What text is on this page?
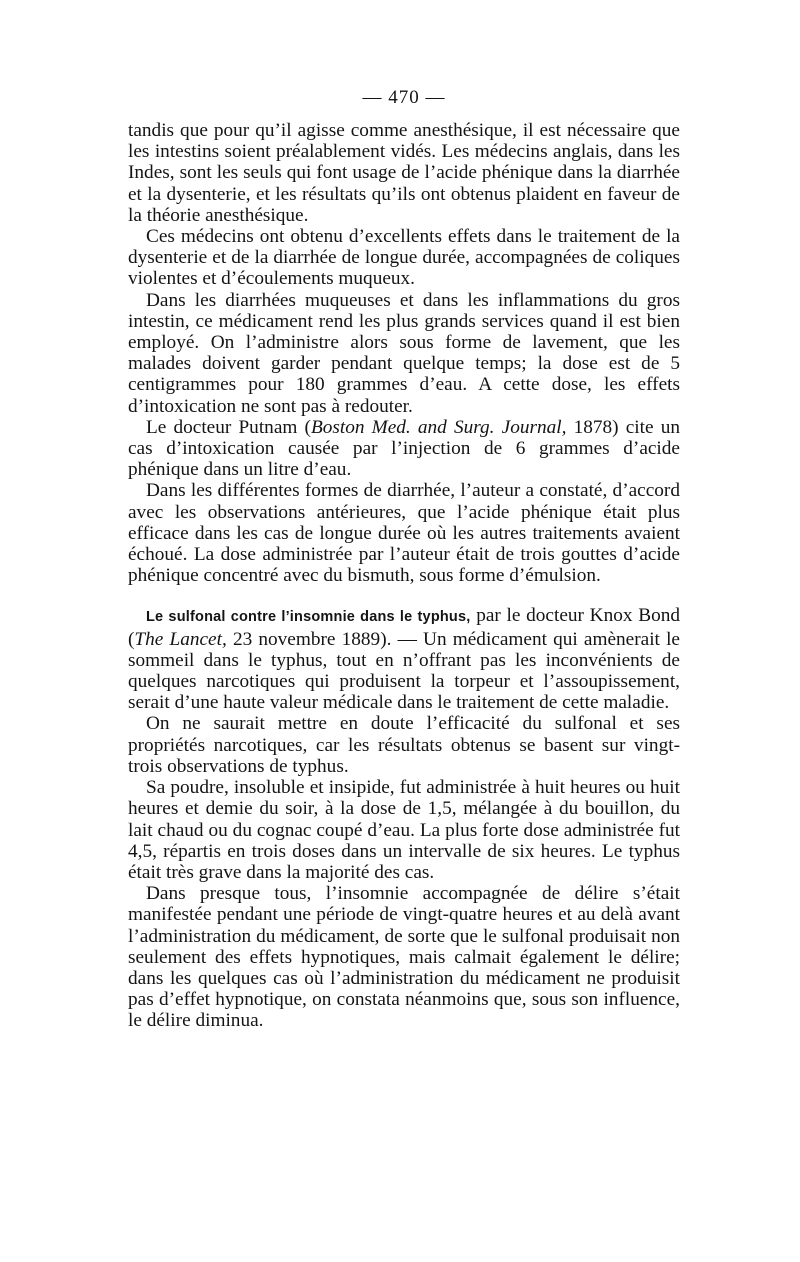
— 470 —

tandis que pour qu’il agisse comme anesthésique, il est nécessaire que les intestins soient préalablement vidés. Les médecins anglais, dans les Indes, sont les seuls qui font usage de l’acide phénique dans la diarrhée et la dysenterie, et les résultats qu’ils ont obtenus plaident en faveur de la théorie anesthésique.

Ces médecins ont obtenu d’excellents effets dans le traitement de la dysenterie et de la diarrhée de longue durée, accompagnées de coliques violentes et d’écoulements muqueux.

Dans les diarrhées muqueuses et dans les inflammations du gros intestin, ce médicament rend les plus grands services quand il est bien employé. On l’administre alors sous forme de lavement, que les malades doivent garder pendant quelque temps; la dose est de 5 centigrammes pour 180 grammes d’eau. A cette dose, les effets d’intoxication ne sont pas à redouter.

Le docteur Putnam (Boston Med. and Surg. Journal, 1878) cite un cas d’intoxication causée par l’injection de 6 grammes d’acide phénique dans un litre d’eau.

Dans les différentes formes de diarrhée, l’auteur a constaté, d’accord avec les observations antérieures, que l’acide phénique était plus efficace dans les cas de longue durée où les autres traitements avaient échoué. La dose administrée par l’auteur était de trois gouttes d’acide phénique concentré avec du bismuth, sous forme d’émulsion.

Le sulfonal contre l’insomnie dans le typhus, par le docteur Knox Bond (The Lancet, 23 novembre 1889). — Un médicament qui amènerait le sommeil dans le typhus, tout en n’offrant pas les inconvénients de quelques narcotiques qui produisent la torpeur et l’assoupissement, serait d’une haute valeur médicale dans le traitement de cette maladie.

On ne saurait mettre en doute l’efficacité du sulfonal et ses propriétés narcotiques, car les résultats obtenus se basent sur vingt-trois observations de typhus.

Sa poudre, insoluble et insipide, fut administrée à huit heures ou huit heures et demie du soir, à la dose de 1,5, mélangée à du bouillon, du lait chaud ou du cognac coupé d’eau. La plus forte dose administrée fut 4,5, répartis en trois doses dans un intervalle de six heures. Le typhus était très grave dans la majorité des cas.

Dans presque tous, l’insomnie accompagnée de délire s’était manifestée pendant une période de vingt-quatre heures et au delà avant l’administration du médicament, de sorte que le sulfonal produisait non seulement des effets hypnotiques, mais calmait également le délire; dans les quelques cas où l’administration du médicament ne produisit pas d’effet hypnotique, on constata néanmoins que, sous son influence, le délire diminua.
